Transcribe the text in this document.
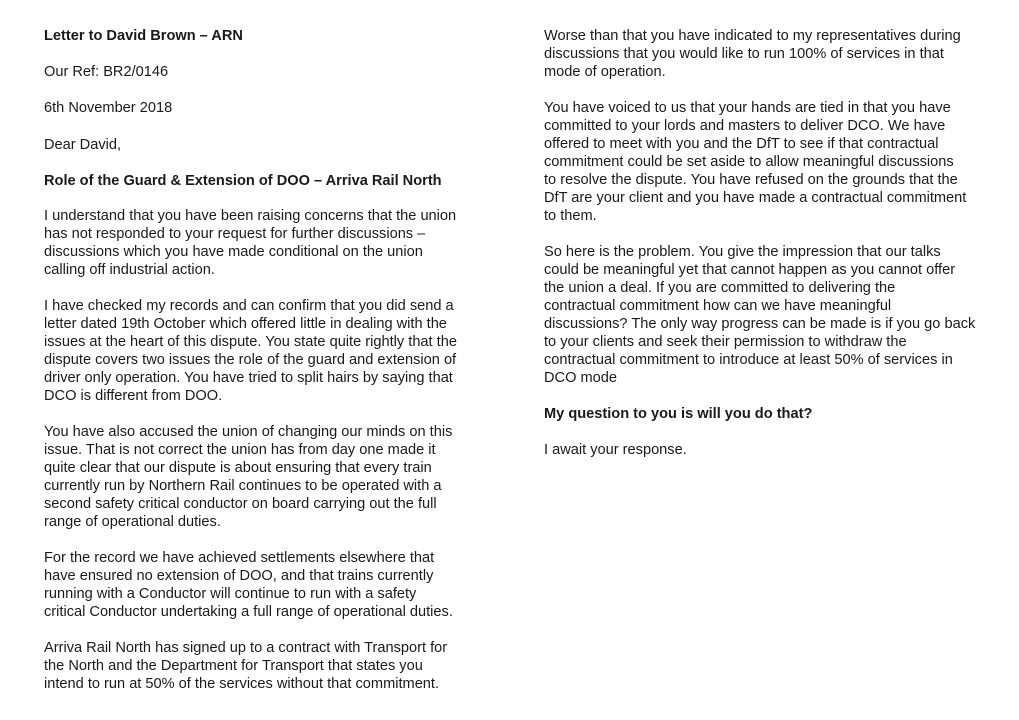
Letter to David Brown – ARN
Our Ref: BR2/0146
6th November 2018
Dear David,
Role of the Guard & Extension of DOO – Arriva Rail North
I understand that you have been raising concerns that the union
has not responded to your request for further discussions –
discussions which you have made conditional on the union
calling off industrial action.
I have checked my records and can confirm that you did send a
letter dated 19th October which offered little in dealing with the
issues at the heart of this dispute. You state quite rightly that the
dispute covers two issues the role of the guard and extension of
driver only operation. You have tried to split hairs by saying that
DCO is different from DOO.
You have also accused the union of changing our minds on this
issue. That is not correct the union has from day one made it
quite clear that our dispute is about ensuring that every train
currently run by Northern Rail continues to be operated with a
second safety critical conductor on board carrying out the full
range of operational duties.
For the record we have achieved settlements elsewhere that
have ensured no extension of DOO, and that trains currently
running with a Conductor will continue to run with a safety
critical Conductor undertaking a full range of operational duties.
Arriva Rail North has signed up to a contract with Transport for
the North and the Department for Transport that states you
intend to run at 50% of the services without that commitment.
Worse than that you have indicated to my representatives during
discussions that you would like to run 100% of services in that
mode of operation.
You have voiced to us that your hands are tied in that you have
committed to your lords and masters to deliver DCO. We have
offered to meet with you and the DfT to see if that contractual
commitment could be set aside to allow meaningful discussions
to resolve the dispute. You have refused on the grounds that the
DfT are your client and you have made a contractual commitment
to them.
So here is the problem. You give the impression that our talks
could be meaningful yet that cannot happen as you cannot offer
the union a deal. If you are committed to delivering the
contractual commitment how can we have meaningful
discussions? The only way progress can be made is if you go back
to your clients and seek their permission to withdraw the
contractual commitment to introduce at least 50% of services in
DCO mode
My question to you is will you do that?
I await your response.
